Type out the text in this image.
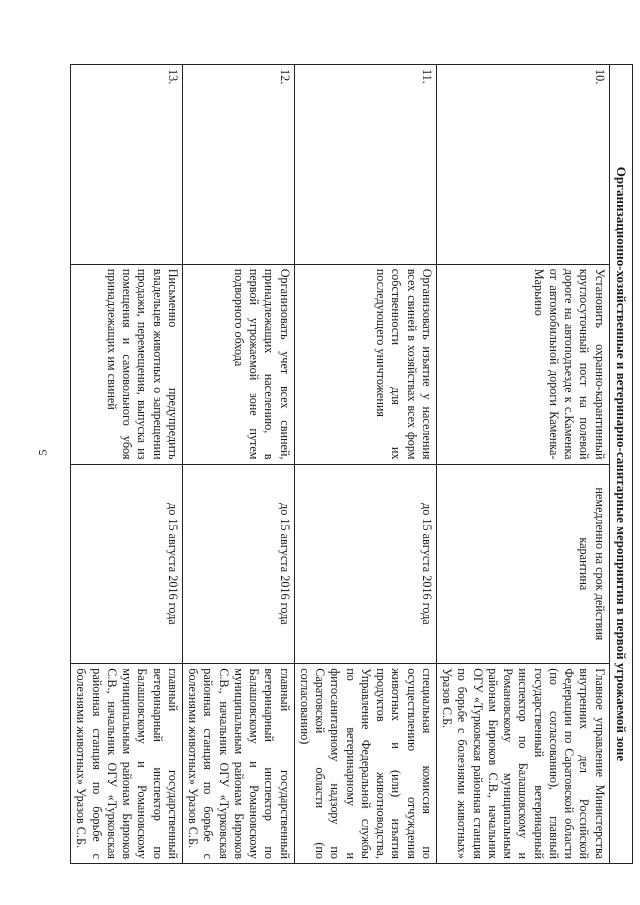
5	Организационно-хозяйственные и ветеринарно-санитарные мероприятия в первой угрожаемой зоне			
10.	Установить охранно-карантинный круглосуточный пост на полевой дороге на автоподъезде к с.Каменка от автомобильной дороги Каменка-Марьино	немедленно на срок действия карантина	Главное управление Министерства внутренних дел Российской Федерации по Саратовской области (по согласованию), главный государственный ветеринарный инспектор по Балашовскому и Романовскому муниципальным районам Бирюков С.В., начальник ОГУ «Турковская районная станция по борьбе с болезнями животных» Уразов С.Б.
11.	Организовать изъятие у населения всех свиней в хозяйствах всех форм собственности для их последующего уничтожения	до 15 августа 2016 года	специальная комиссия по осуществлению отчуждения животных и (или) изъятия продуктов животноводства, Управление Федеральной службы по ветеринарному и фитосанитарному надзору по Саратовской области (по согласованию)
12.	Организовать учет всех свиней, принадлежащих населению, в первой угрожаемой зоне путем подворного обхода	до 15 августа 2016 года	главный государственный ветеринарный инспектор по Балашовскому и Романовскому муниципальным районам Бирюков С.В., начальник ОГУ «Турковская районная станция по борьбе с болезнями животных» Уразов С.Б.
13.	Письменно предупредить владельцев животных о запрещении продажи, перемещения, выпуска из помещения и самовольного убоя принадлежащих им свиней	до 15 августа 2016 года	главный государственный ветеринарный инспектор по Балашовскому и Романовскому муниципальным районам Бирюков С.В., начальник ОГУ «Турковская районная станция по борьбе с болезнями животных» Уразов С.Б.
